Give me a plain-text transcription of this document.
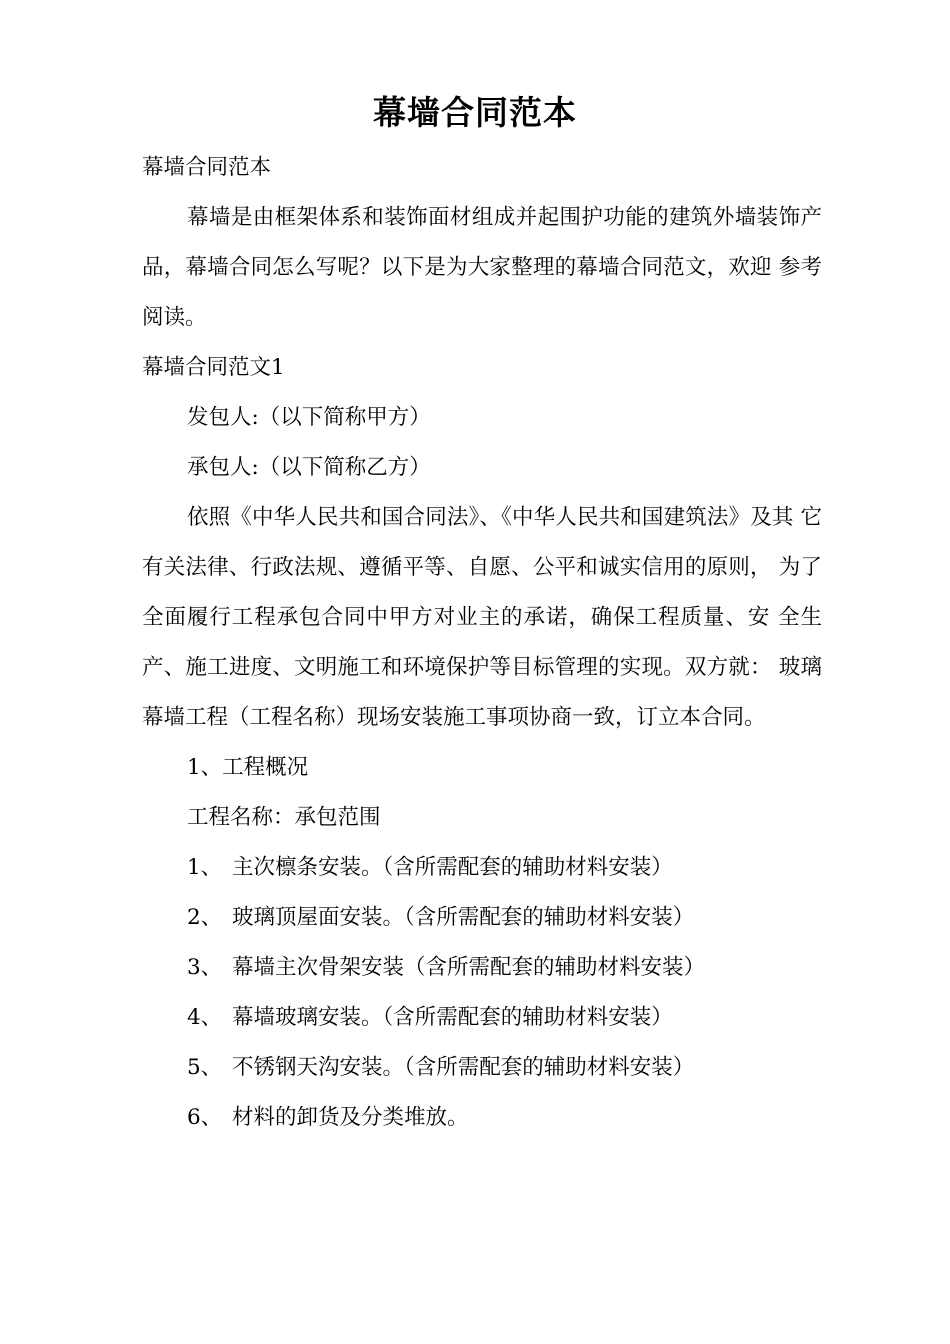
幕墙合同范本

幕墙合同范本

幕墙是由框架体系和装饰面材组成并起围护功能的建筑外墙装饰产品，幕墙合同怎么写呢？以下是为大家整理的幕墙合同范文，欢迎 参考阅读。

幕墙合同范文1

发包人:（以下简称甲方）

承包人:（以下简称乙方）

依照《中华人民共和国合同法》、《中华人民共和国建筑法》及其 它有关法律、行政法规、遵循平等、自愿、公平和诚实信用的原则， 为了全面履行工程承包合同中甲方对业主的承诺，确保工程质量、安 全生产、施工进度、文明施工和环境保护等目标管理的实现。双方就： 玻璃幕墙工程（工程名称）现场安装施工事项协商一致，订立本合同。

1、工程概况

工程名称：承包范围

1、 主次檩条安装。（含所需配套的辅助材料安装）

2、 玻璃顶屋面安装。（含所需配套的辅助材料安装）

3、 幕墙主次骨架安装（含所需配套的辅助材料安装）

4、 幕墙玻璃安装。（含所需配套的辅助材料安装）

5、 不锈钢天沟安装。（含所需配套的辅助材料安装）

6、 材料的卸货及分类堆放。
